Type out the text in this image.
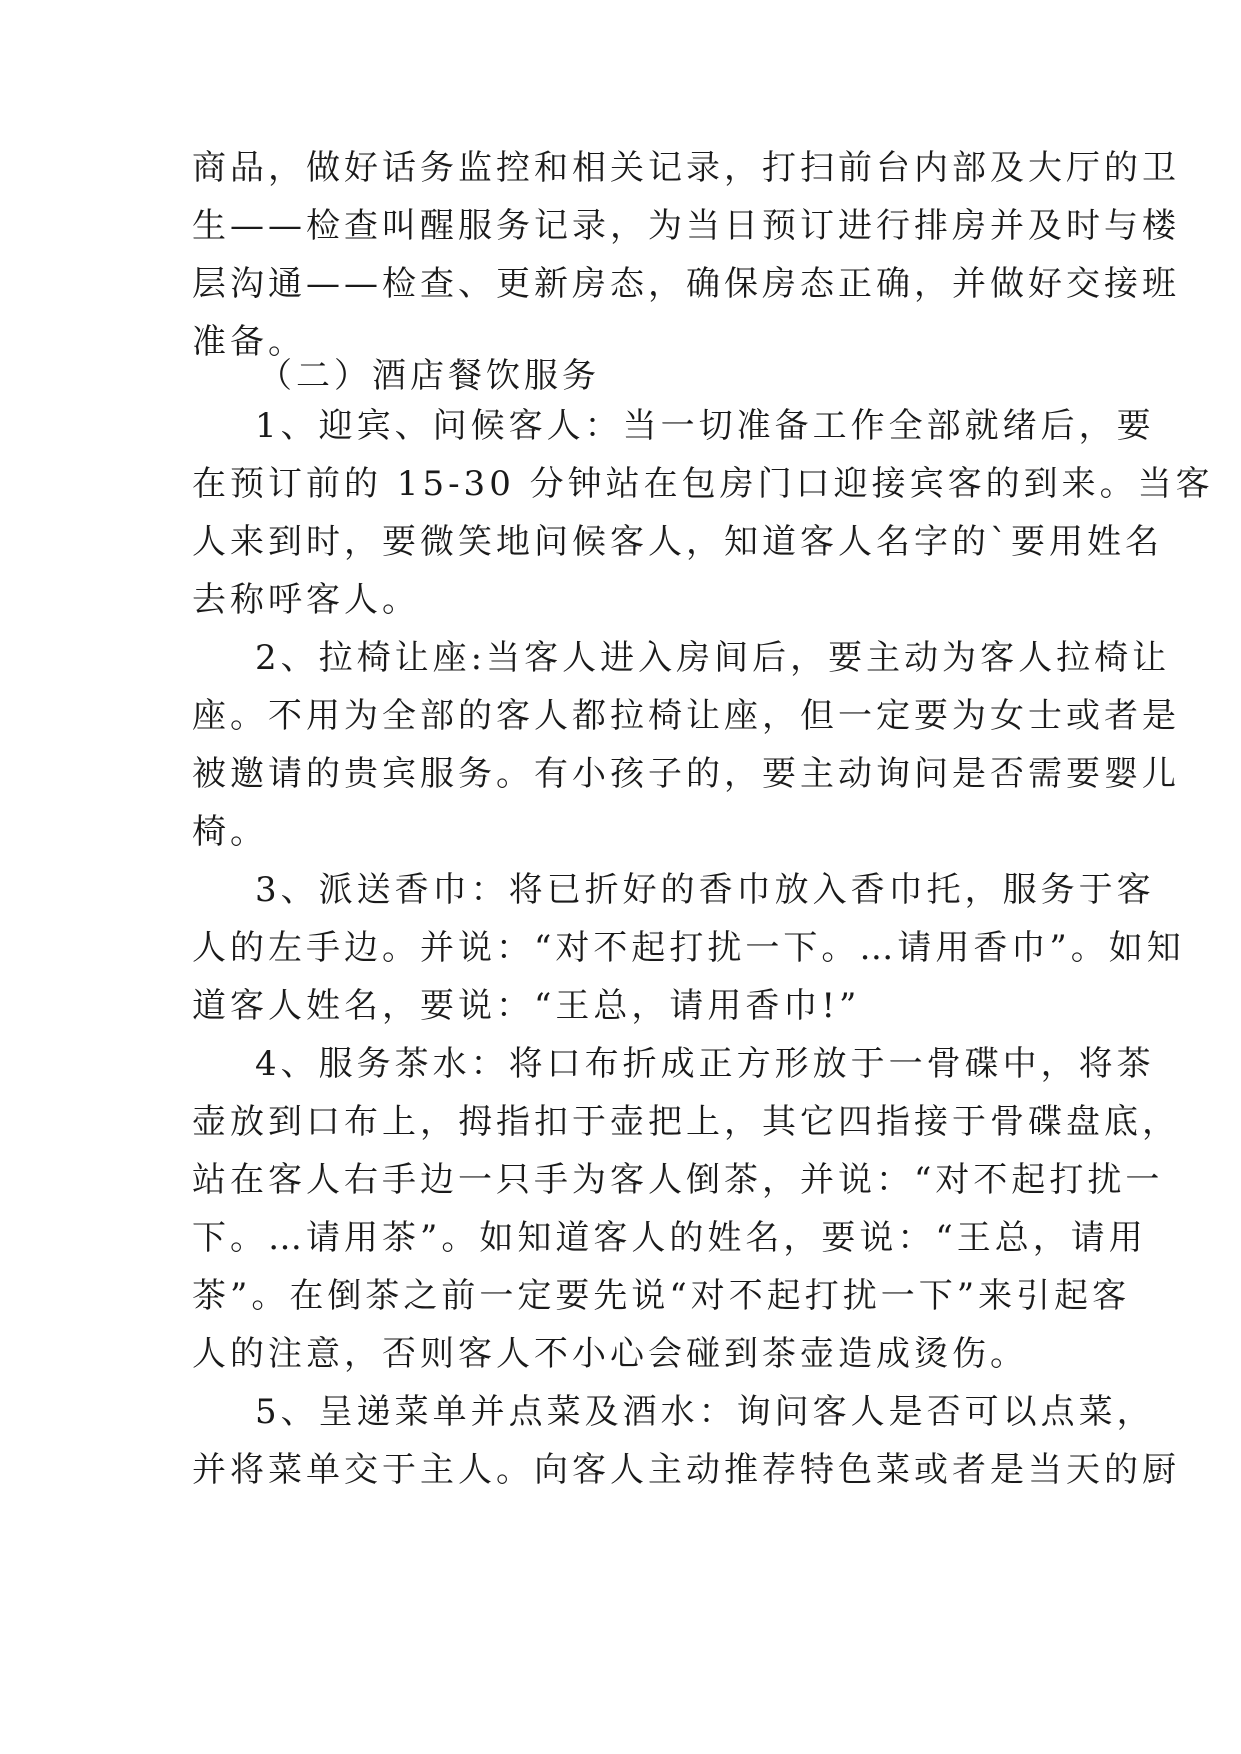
商品，做好话务监控和相关记录，打扫前台内部及大厅的卫
生——检查叫醒服务记录，为当日预订进行排房并及时与楼
层沟通——检查、更新房态，确保房态正确，并做好交接班
准备。
（二）酒店餐饮服务
1、迎宾、问候客人：当一切准备工作全部就绪后，要
在预订前的 15-30 分钟站在包房门口迎接宾客的到来。当客
人来到时，要微笑地问候客人，知道客人名字的`要用姓名
去称呼客人。
2、拉椅让座:当客人进入房间后，要主动为客人拉椅让
座。不用为全部的客人都拉椅让座，但一定要为女士或者是
被邀请的贵宾服务。有小孩子的，要主动询问是否需要婴儿
椅。
3、派送香巾：将已折好的香巾放入香巾托，服务于客
人的左手边。并说：“对不起打扰一下。…请用香巾”。如知
道客人姓名，要说：“王总，请用香巾!”
4、服务茶水：将口布折成正方形放于一骨碟中，将茶
壶放到口布上，拇指扣于壶把上，其它四指接于骨碟盘底，
站在客人右手边一只手为客人倒茶，并说：“对不起打扰一
下。…请用茶”。如知道客人的姓名，要说：“王总，请用
茶”。在倒茶之前一定要先说“对不起打扰一下”来引起客
人的注意，否则客人不小心会碰到茶壶造成烫伤。
5、呈递菜单并点菜及酒水：询问客人是否可以点菜，
并将菜单交于主人。向客人主动推荐特色菜或者是当天的厨
